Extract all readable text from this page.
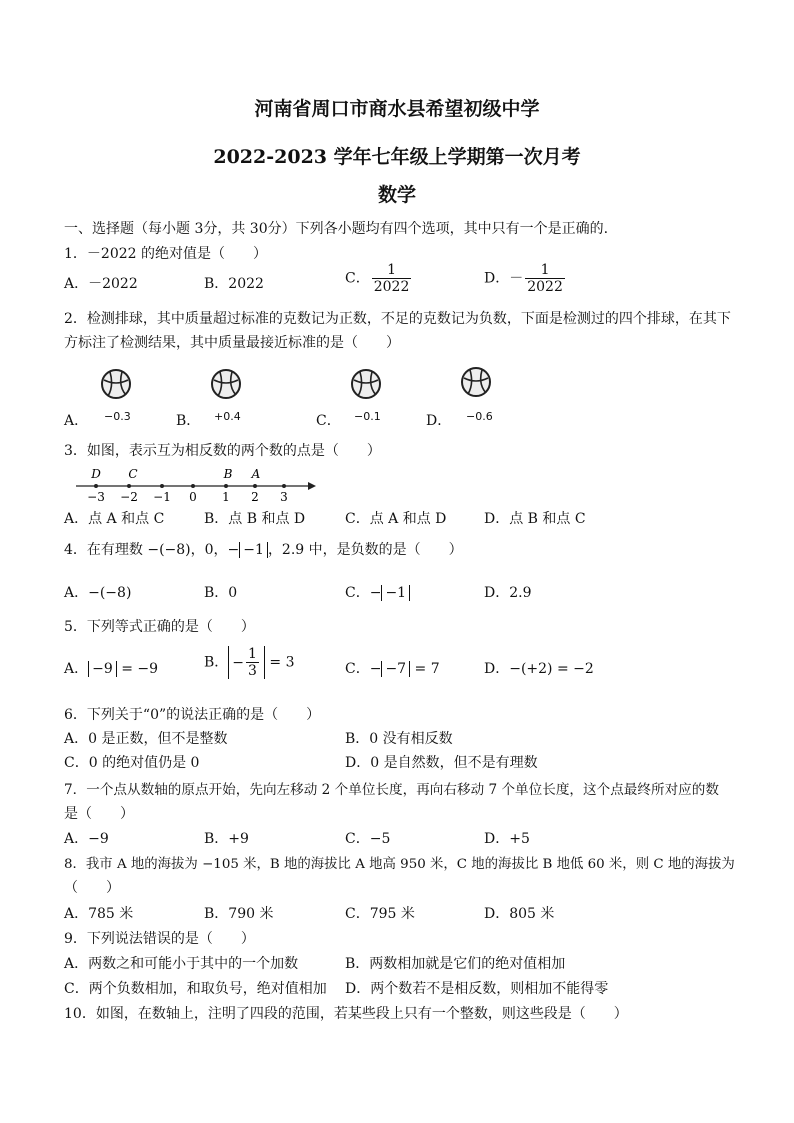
河南省周口市商水县希望初级中学
2022-2023 学年七年级上学期第一次月考
数学
一、选择题（每小题 3分，共 30分）下列各小题均有四个选项，其中只有一个是正确的.
1．－2022 的绝对值是（　　）
A．－2022	B．2022	C． $\frac{1}{2022}$	D．－ $\frac{1}{2022}$
2．检测排球，其中质量超过标准的克数记为正数，不足的克数记为负数，下面是检测过的四个排球，在其下
方标注了检测结果，其中质量最接近标准的是（　　）
A． −0.3	B． +0.4	C． −0.1	D． −0.6
3．如图，表示互为相反数的两个数的点是（　　）
D C	B A
−3 −2 −1 0 1 2 3
A．点 A 和点 C	B．点 B 和点 D	C．点 A 和点 D	D．点 B 和点 C
4．在有理数 −(−8)，0，− −1 ，2.9 中，是负数的是（　　）
A．−(−8)	B．0	C．− −1	D．2.9
5．下列等式正确的是（　　）
A． −9 = −9	B． − $\frac{1}{3} = 3$	C．− −7 = 7	D．−(+2) = −2
6．下列关于“0”的说法正确的是（　　）
A．0 是正数，但不是整数	B．0 没有相反数
C．0 的绝对值仍是 0	D．0 是自然数，但不是有理数
7．一个点从数轴的原点开始，先向左移动 2 个单位长度，再向右移动 7 个单位长度，这个点最终所对应的数
是（　　）
A．−9	B．+9	C．−5	D．+5
8．我市 A 地的海拔为 −105 米，B 地的海拔比 A 地高 950 米，C 地的海拔比 B 地低 60 米，则 C 地的海拔为
（　　）
A．785 米	B．790 米	C．795 米	D．805 米
9．下列说法错误的是（　　）
A．两数之和可能小于其中的一个加数	B．两数相加就是它们的绝对值相加
C．两个负数相加，和取负号，绝对值相加 D．两个数若不是相反数，则相加不能得零
10．如图，在数轴上，注明了四段的范围，若某些段上只有一个整数，则这些段是（　　）
